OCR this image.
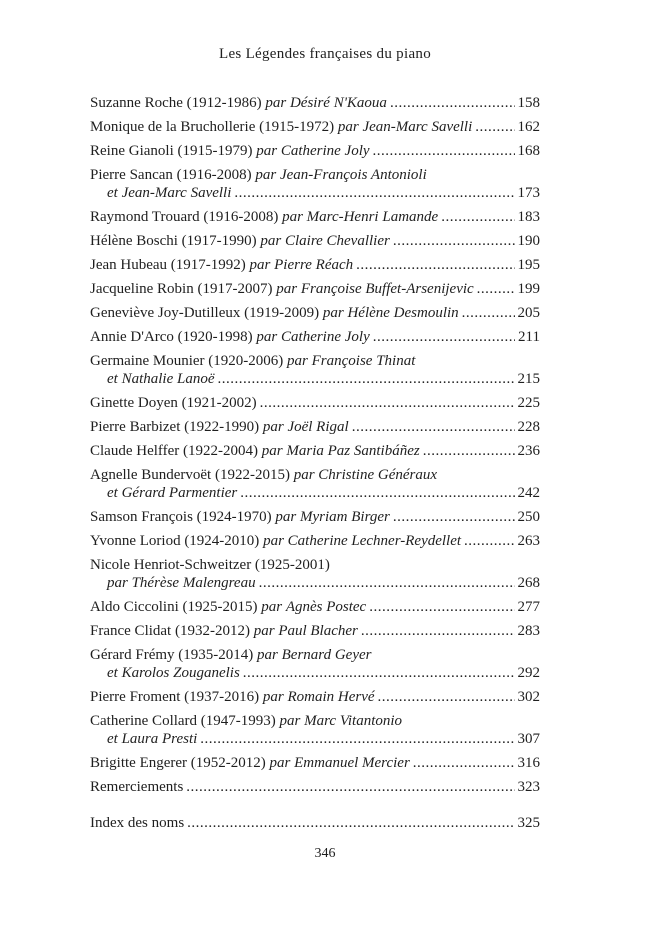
Les Légendes françaises du piano
Suzanne Roche (1912-1986) par Désiré N'Kaoua .....	158
Monique de la Bruchollerie (1915-1972) par Jean-Marc Savelli .....	162
Reine Gianoli (1915-1979) par Catherine Joly .....	168
Pierre Sancan (1916-2008) par Jean-François Antonioli
et Jean-Marc Savelli .....	173
Raymond Trouard (1916-2008) par Marc-Henri Lamande .....	183
Hélène Boschi (1917-1990) par Claire Chevallier .....	190
Jean Hubeau (1917-1992) par Pierre Réach .....	195
Jacqueline Robin (1917-2007) par Françoise Buffet-Arsenijevic .....	199
Geneviève Joy-Dutilleux (1919-2009) par Hélène Desmoulin .....	205
Annie D'Arco (1920-1998) par Catherine Joly .....	211
Germaine Mounier (1920-2006) par Françoise Thinat
et Nathalie Lanoë .....	215
Ginette Doyen (1921-2002) .....	225
Pierre Barbizet (1922-1990) par Joël Rigal .....	228
Claude Helffer (1922-2004) par Maria Paz Santibáñez .....	236
Agnelle Bundervoët (1922-2015) par Christine Généraux
et Gérard Parmentier .....	242
Samson François (1924-1970) par Myriam Birger .....	250
Yvonne Loriod (1924-2010) par Catherine Lechner-Reydellet .....	263
Nicole Henriot-Schweitzer (1925-2001)
par Thérèse Malengreau .....	268
Aldo Ciccolini (1925-2015) par Agnès Postec .....	277
France Clidat (1932-2012) par Paul Blacher .....	283
Gérard Frémy (1935-2014) par Bernard Geyer
et Karolos Zouganelis .....	292
Pierre Froment (1937-2016) par Romain Hervé .....	302
Catherine Collard (1947-1993) par Marc Vitantonio
et Laura Presti .....	307
Brigitte Engerer (1952-2012) par Emmanuel Mercier .....	316
Remerciements .....	323
Index des noms .....	325
346
